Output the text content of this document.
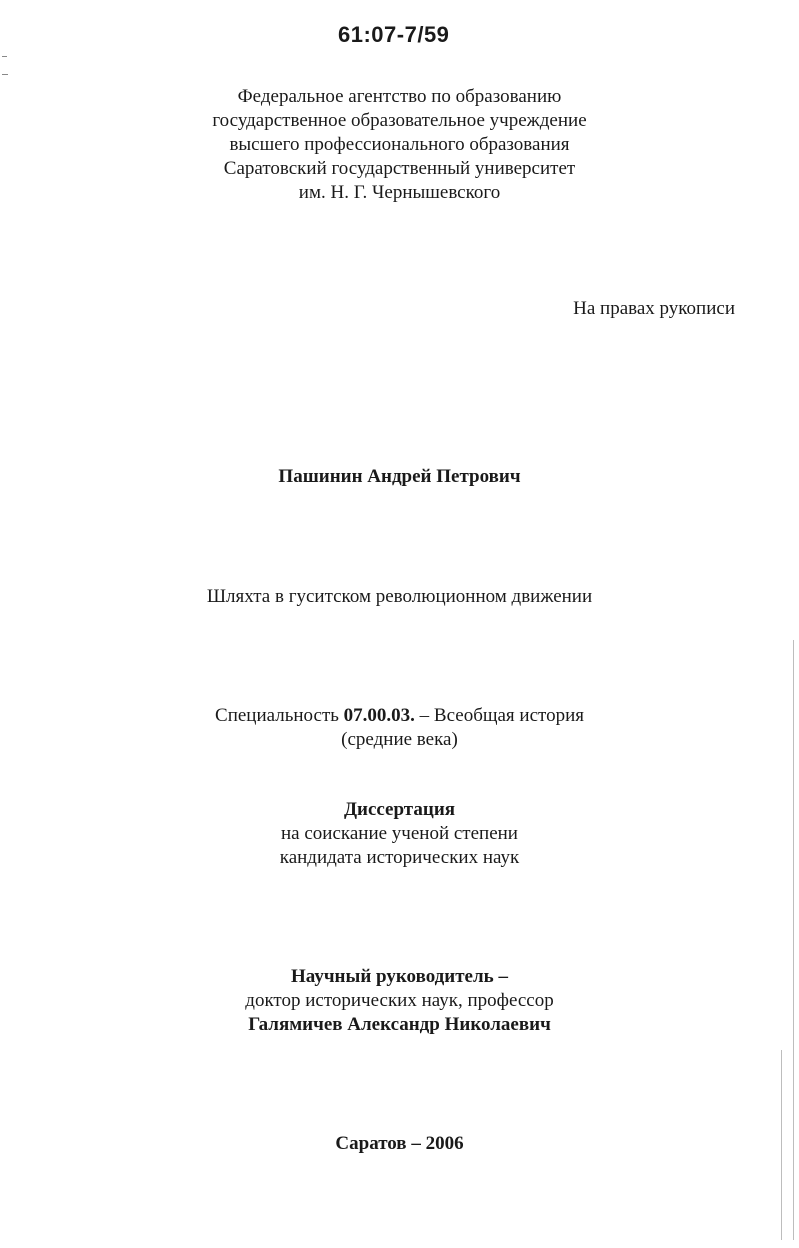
61:07-7/59
Федеральное агентство по образованию
государственное образовательное учреждение
высшего профессионального образования
Саратовский государственный университет
им. Н. Г. Чернышевского
На правах рукописи
Пашинин Андрей Петрович
Шляхта в гуситском революционном движении
Специальность 07.00.03. – Всеобщая история
(средние века)
Диссертация
на соискание ученой степени
кандидата исторических наук
Научный руководитель –
доктор исторических наук, профессор
Галямичев Александр Николаевич
Саратов – 2006
